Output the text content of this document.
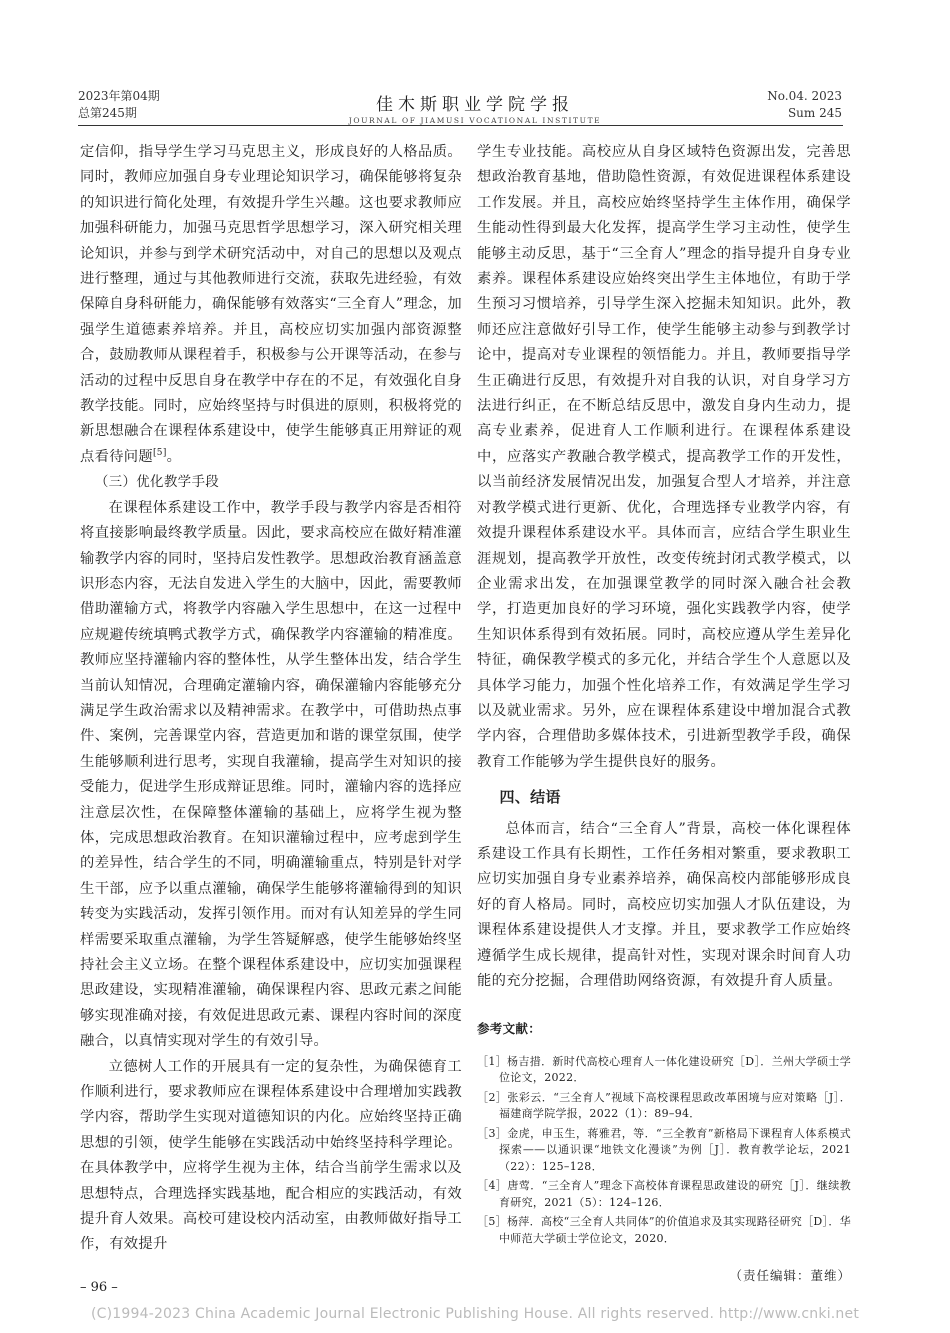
2023年第04期
总第245期	佳木斯职业学院学报
JOURNAL OF JIAMUSI VOCATIONAL INSTITUTE
No.04. 2023
Sum 245

定信仰，指导学生学习马克思主义，形成良好的人格品质。同时，教师应加强自身专业理论知识学习，确保能够将复杂的知识进行简化处理，有效提升学生兴趣。这也要求教师应加强科研能力，加强马克思哲学思想学习，深入研究相关理论知识，并参与到学术研究活动中，对自己的思想以及观点进行整理，通过与其他教师进行交流，获取先进经验，有效保障自身科研能力，确保能够有效落实“三全育人”理念，加强学生道德素养培养。并且，高校应切实加强内部资源整合，鼓励教师从课程着手，积极参与公开课等活动，在参与活动的过程中反思自身在教学中存在的不足，有效强化自身教学技能。同时，应始终坚持与时俱进的原则，积极将党的新思想融合在课程体系建设中，使学生能够真正用辩证的观点看待问题[5]。

（三）优化教学手段

在课程体系建设工作中，教学手段与教学内容是否相符将直接影响最终教学质量。因此，要求高校应在做好精准灌输教学内容的同时，坚持启发性教学。思想政治教育涵盖意识形态内容，无法自发进入学生的大脑中，因此，需要教师借助灌输方式，将教学内容融入学生思想中，在这一过程中应规避传统填鸭式教学方式，确保教学内容灌输的精准度。教师应坚持灌输内容的整体性，从学生整体出发，结合学生当前认知情况，合理确定灌输内容，确保灌输内容能够充分满足学生政治需求以及精神需求。在教学中，可借助热点事件、案例，完善课堂内容，营造更加和谐的课堂氛围，使学生能够顺利进行思考，实现自我灌输，提高学生对知识的接受能力，促进学生形成辩证思维。同时，灌输内容的选择应注意层次性，在保障整体灌输的基础上，应将学生视为整体，完成思想政治教育。在知识灌输过程中，应考虑到学生的差异性，结合学生的不同，明确灌输重点，特别是针对学生干部，应予以重点灌输，确保学生能够将灌输得到的知识转变为实践活动，发挥引领作用。而对有认知差异的学生同样需要采取重点灌输，为学生答疑解惑，使学生能够始终坚持社会主义立场。在整个课程体系建设中，应切实加强课程思政建设，实现精准灌输，确保课程内容、思政元素之间能够实现准确对接，有效促进思政元素、课程内容时间的深度融合，以真情实现对学生的有效引导。

立德树人工作的开展具有一定的复杂性，为确保德育工作顺利进行，要求教师应在课程体系建设中合理增加实践教学内容，帮助学生实现对道德知识的内化。应始终坚持正确思想的引领，使学生能够在实践活动中始终坚持科学理论。在具体教学中，应将学生视为主体，结合当前学生需求以及思想特点，合理选择实践基地，配合相应的实践活动，有效提升育人效果。高校可建设校内活动室，由教师做好指导工作，有效提升

学生专业技能。高校应从自身区域特色资源出发，完善思想政治教育基地，借助隐性资源，有效促进课程体系建设工作发展。并且，高校应始终坚持学生主体作用，确保学生能动性得到最大化发挥，提高学生学习主动性，使学生能够主动反思，基于“三全育人”理念的指导提升自身专业素养。课程体系建设应始终突出学生主体地位，有助于学生预习习惯培养，引导学生深入挖掘未知知识。此外，教师还应注意做好引导工作，使学生能够主动参与到教学讨论中，提高对专业课程的领悟能力。并且，教师要指导学生正确进行反思，有效提升对自我的认识，对自身学习方法进行纠正，在不断总结反思中，激发自身内生动力，提高专业素养，促进育人工作顺利进行。在课程体系建设中，应落实产教融合教学模式，提高教学工作的开发性，以当前经济发展情况出发，加强复合型人才培养，并注意对教学模式进行更新、优化，合理选择专业教学内容，有效提升课程体系建设水平。具体而言，应结合学生职业生涯规划，提高教学开放性，改变传统封闭式教学模式，以企业需求出发，在加强课堂教学的同时深入融合社会教学，打造更加良好的学习环境，强化实践教学内容，使学生知识体系得到有效拓展。同时，高校应遵从学生差异化特征，确保教学模式的多元化，并结合学生个人意愿以及具体学习能力，加强个性化培养工作，有效满足学生学习以及就业需求。另外，应在课程体系建设中增加混合式教学内容，合理借助多媒体技术，引进新型教学手段，确保教育工作能够为学生提供良好的服务。

四、结语

总体而言，结合“三全育人”背景，高校一体化课程体系建设工作具有长期性，工作任务相对繁重，要求教职工应切实加强自身专业素养培养，确保高校内部能够形成良好的育人格局。同时，高校应切实加强人才队伍建设，为课程体系建设提供人才支撑。并且，要求教学工作应始终遵循学生成长规律，提高针对性，实现对课余时间育人功能的充分挖掘，合理借助网络资源，有效提升育人质量。

参考文献：

［1］杨吉措．新时代高校心理育人一体化建设研究［D］．兰州大学硕士学位论文，2022．

［2］张彩云．“三全育人”视域下高校课程思政改革困境与应对策略［J］．福建商学院学报，2022（1）：89–94．

［3］金虎，申玉生，蒋雅君，等．“三全教育”新格局下课程育人体系模式探索——以通识课“地铁文化漫谈”为例［J］．教育教学论坛，2021（22）：125–128．

［4］唐莺．“三全育人”理念下高校体育课程思政建设的研究［J］．继续教育研究，2021（5）：124–126．

［5］杨萍．高校“三全育人共同体”的价值追求及其实现路径研究［D］．华中师范大学硕士学位论文，2020．

（责任编辑：董维）

– 96 –
(C)1994-2023 China Academic Journal Electronic Publishing House. All rights reserved. http://www.cnki.net
